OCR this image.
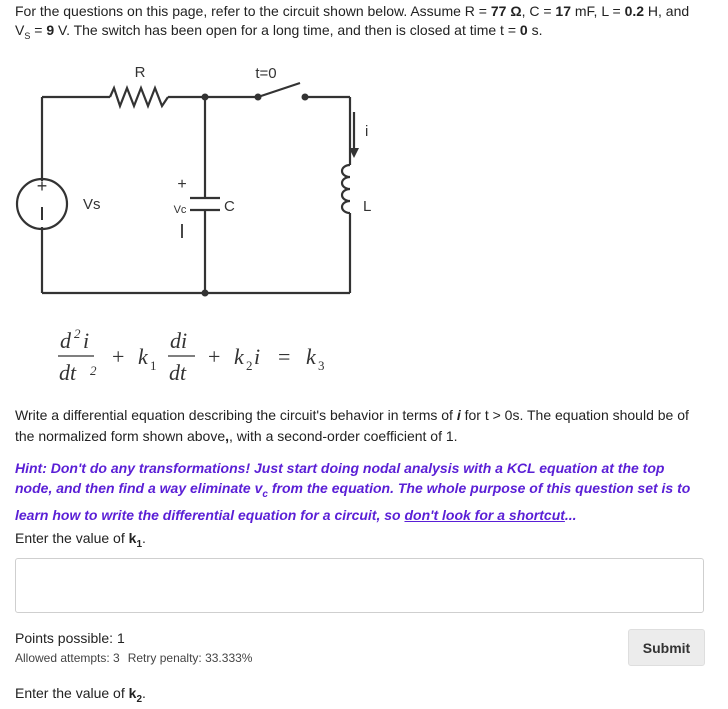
For the questions on this page, refer to the circuit shown below. Assume R = 77 Ω, C = 17 mF, L = 0.2 H, and
$V_S = 9$ V. The switch has been open for a long time, and then is closed at time t = 0 s.
+
R	t=0
Vs
+
Vc	C	L
i
d 2 i
dt 2
+ k 1
di
dt
+ k 2 i = k 3
Write a differential equation describing the circuit's behavior in terms of i for t > 0s. The equation should be of
the normalized form shown above,, with a second-order coefficient of 1.
Hint: Don't do any transformations! Just start doing nodal analysis with a KCL equation at the top
node, and then find a way eliminate $v_c$ from the equation. The whole purpose of this question set is to
learn how to write the differential equation for a circuit, so don't look for a shortcut...
Enter the value of $k_1$.
Points possible: 1
Allowed attempts: 3 Retry penalty: 33.333%
Submit
Enter the value of $k_2$.
